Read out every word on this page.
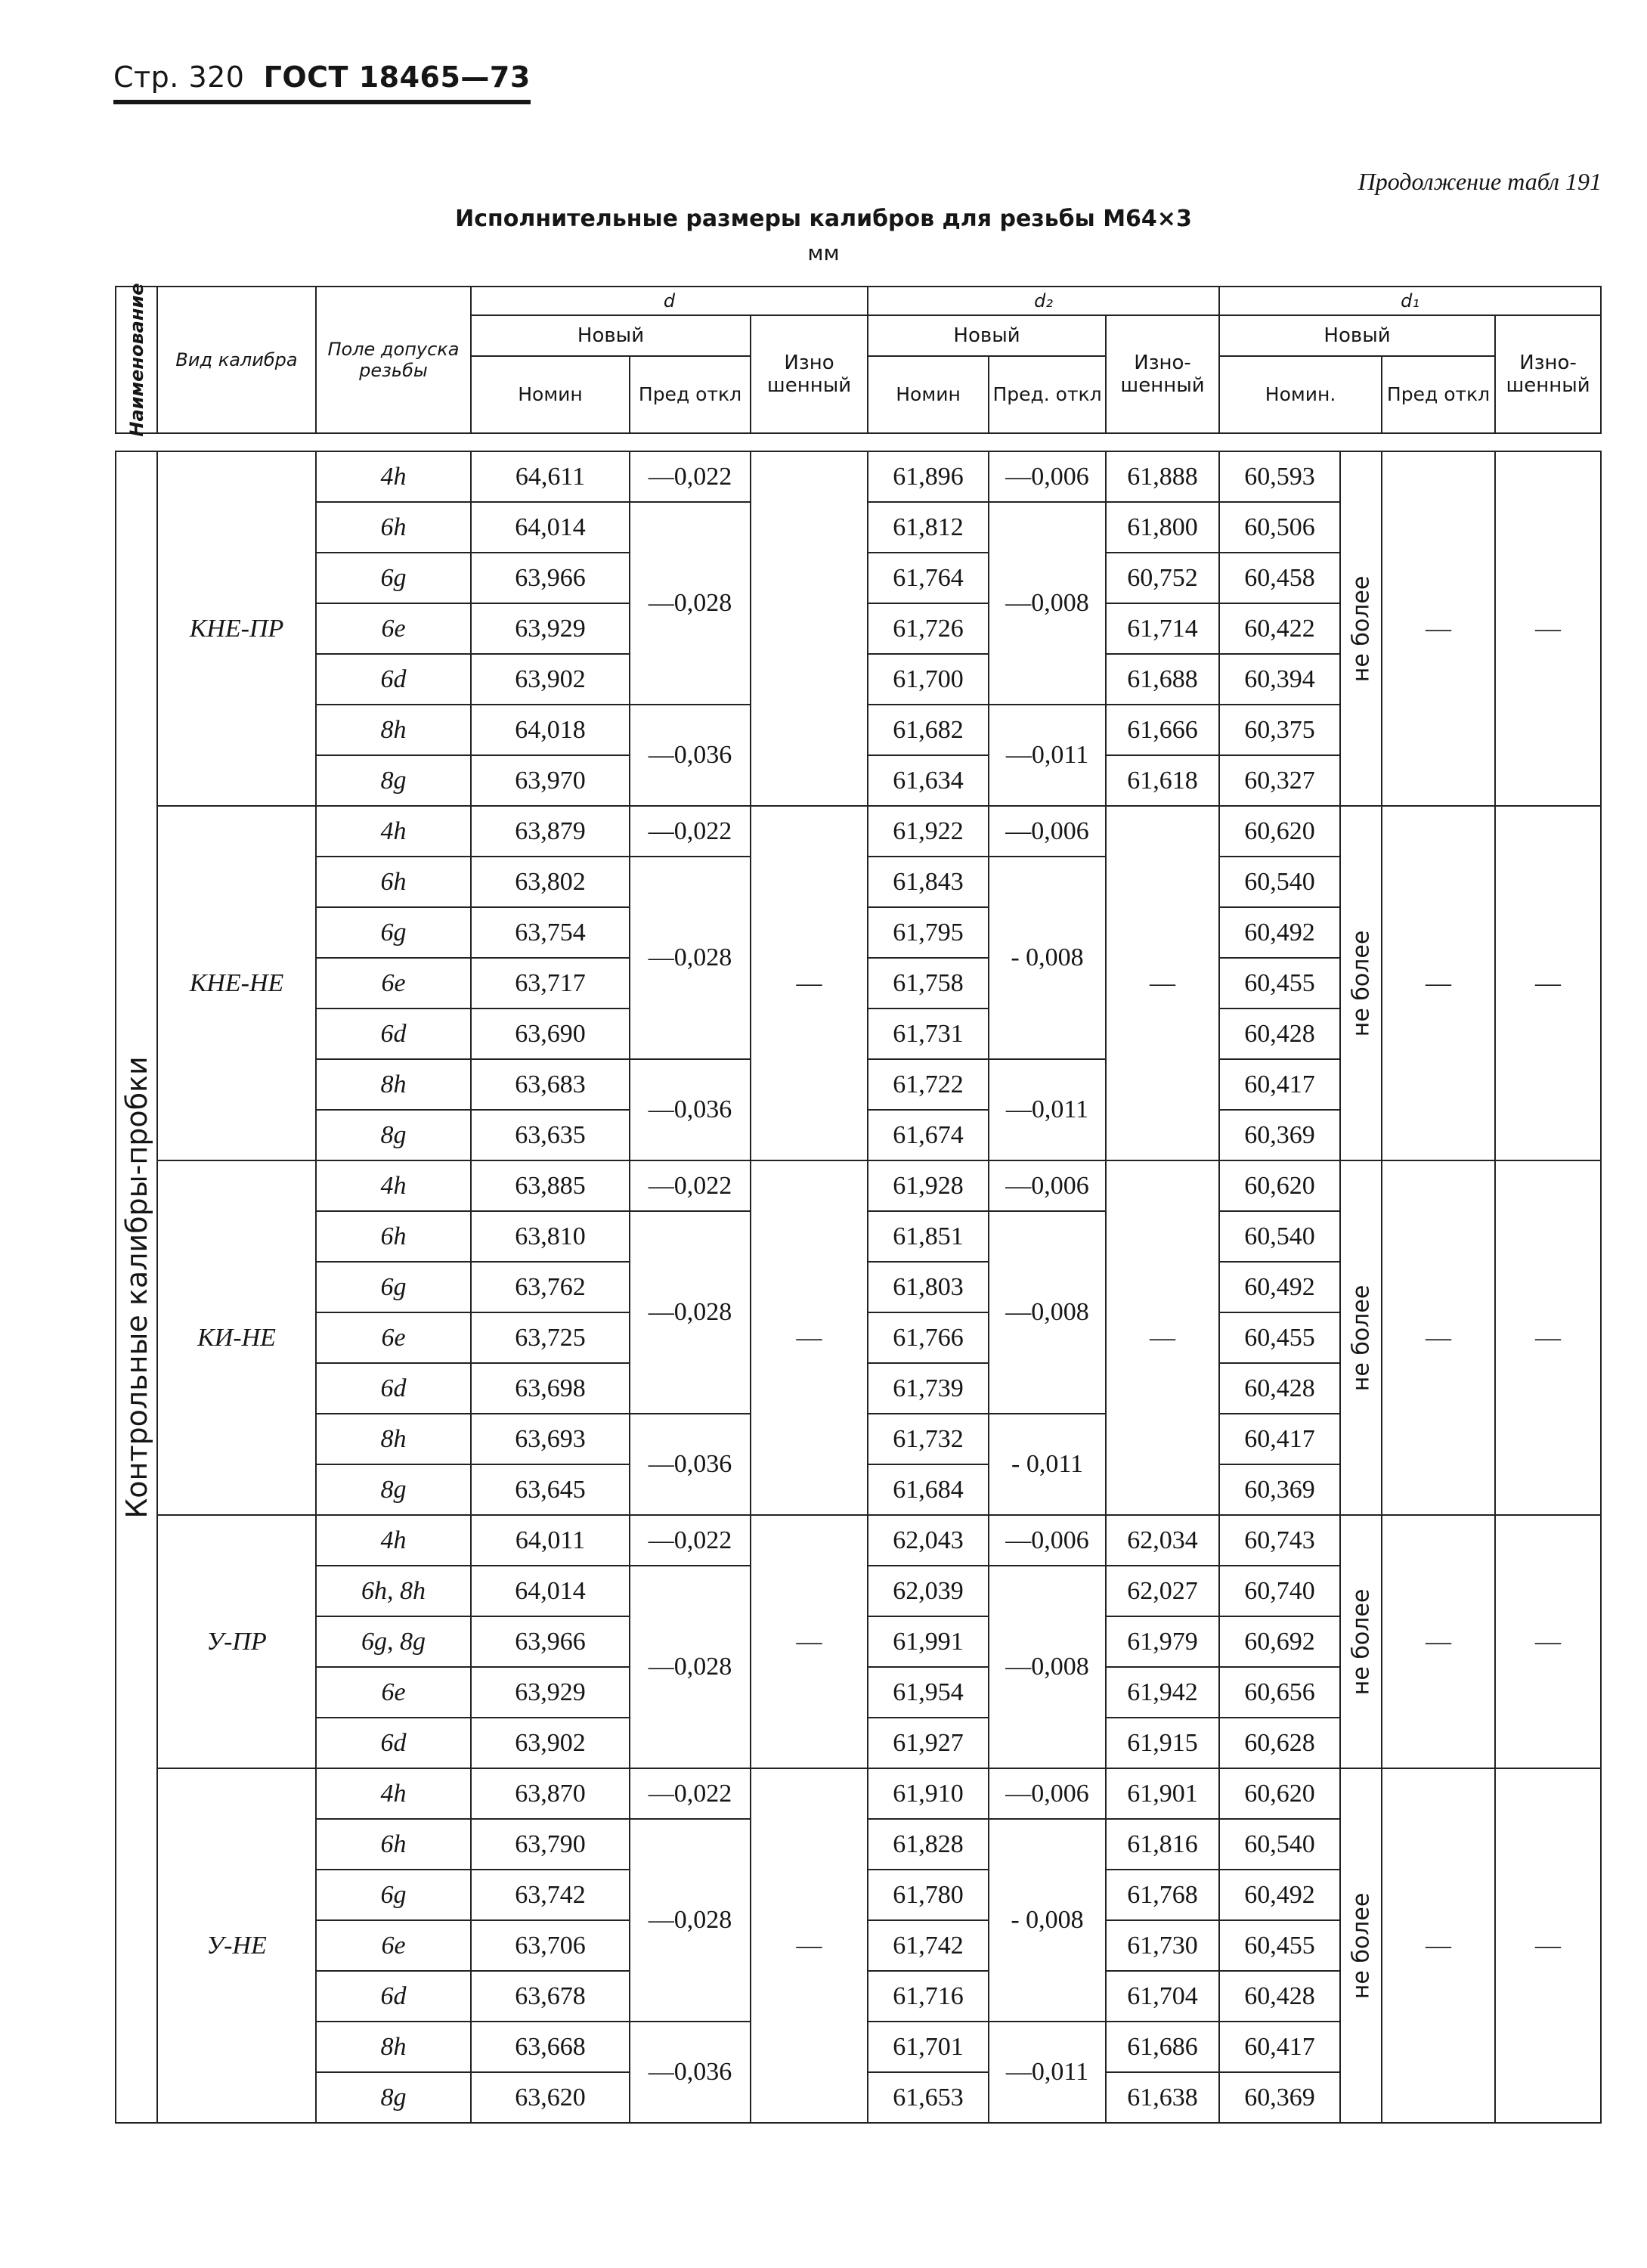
Стр. 320 ГОСТ 18465—73
Продолжение табл 191
Исполнительные размеры калибров для резьбы M64×3
мм
Наименование	Вид калибра	Поле допуска резьбы	d			d₂			d₁			
			Новый		Изно шенный	Новый		Изно- шенный	Новый			Изно- шенный
			Номин	Пред откл		Номин	Пред. откл		Номин.		Пред откл	

Контрольные калибры-пробки	КНЕ-ПР	4h	64,611	—0,022		61,896	—0,006	61,888	60,593	не более	—	—
		6h	64,014	—0,028		61,812	—0,008	61,800	60,506			
		6g	63,966			61,764		60,752	60,458			
		6e	63,929			61,726		61,714	60,422			
		6d	63,902			61,700		61,688	60,394			
		8h	64,018	—0,036		61,682	—0,011	61,666	60,375			
		8g	63,970			61,634		61,618	60,327			
	КНЕ-НЕ	4h	63,879	—0,022	—	61,922	—0,006	—	60,620	не более	—	—
		6h	63,802	—0,028		61,843	- 0,008		60,540			
		6g	63,754			61,795			60,492			
		6e	63,717			61,758			60,455			
		6d	63,690			61,731			60,428			
		8h	63,683	—0,036		61,722	—0,011		60,417			
		8g	63,635			61,674			60,369			
	КИ-НЕ	4h	63,885	—0,022	—	61,928	—0,006	—	60,620	не более	—	—
		6h	63,810	—0,028		61,851	—0,008		60,540			
		6g	63,762			61,803			60,492			
		6e	63,725			61,766			60,455			
		6d	63,698			61,739			60,428			
		8h	63,693	—0,036		61,732	- 0,011		60,417			
		8g	63,645			61,684			60,369			
	У-ПР	4h	64,011	—0,022	—	62,043	—0,006	62,034	60,743	не более	—	—
		6h, 8h	64,014	—0,028		62,039	—0,008	62,027	60,740			
		6g, 8g	63,966			61,991		61,979	60,692			
		6e	63,929			61,954		61,942	60,656			
		6d	63,902			61,927		61,915	60,628			
	У-НЕ	4h	63,870	—0,022	—	61,910	—0,006	61,901	60,620	не более	—	—
		6h	63,790	—0,028		61,828	- 0,008	61,816	60,540			
		6g	63,742			61,780		61,768	60,492			
		6e	63,706			61,742		61,730	60,455			
		6d	63,678			61,716		61,704	60,428			
		8h	63,668	—0,036		61,701	—0,011	61,686	60,417			
		8g	63,620			61,653		61,638	60,369			
